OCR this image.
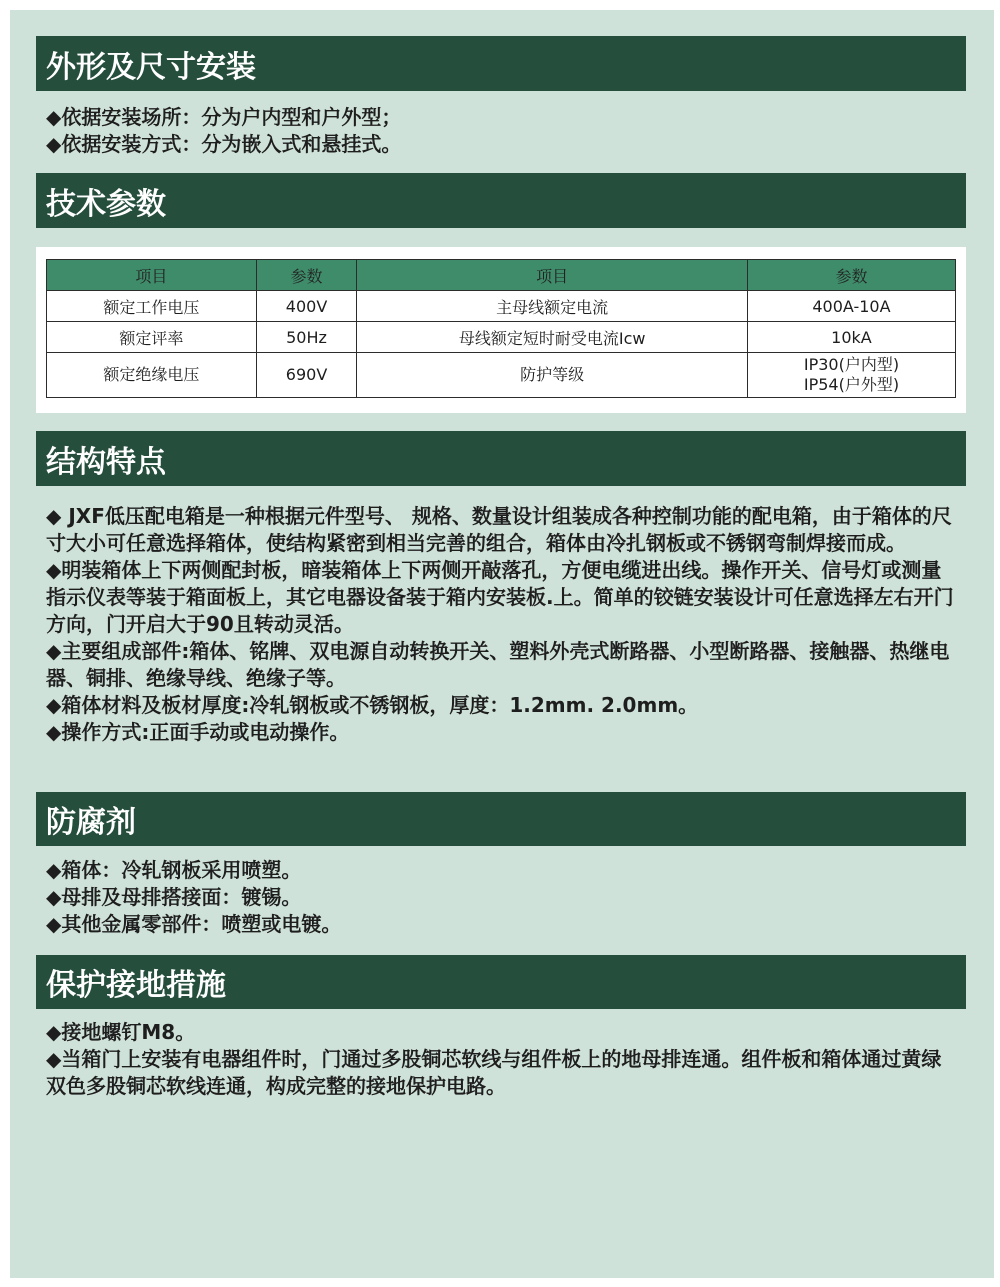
外形及尺寸安装

◆依据安装场所：分为户内型和户外型；

◆依据安装方式：分为嵌入式和悬挂式。

技术参数
项目	参数	项目	参数
额定工作电压	400V	主母线额定电流	400A-10A
额定评率	50Hz	母线额定短时耐受电流Icw	10kA
额定绝缘电压	690V	防护等级	IP30(户内型)
IP54(户外型)
结构特点

◆ JXF低压配电箱是一种根据元件型号、 规格、数量设计组装成各种控制功能的配电箱，由于箱体的尺寸大小可任意选择箱体，使结构紧密到相当完善的组合，箱体由冷扎钢板或不锈钢弯制焊接而成。

◆明装箱体上下两侧配封板，暗装箱体上下两侧开敲落孔，方便电缆进出线。操作开关、信号灯或测量指示仪表等装于箱面板上，其它电器设备装于箱内安装板.上。简单的铰链安装设计可任意选择左右开门方向，门开启大于90且转动灵活。

◆主要组成部件:箱体、铭牌、双电源自动转换开关、塑料外壳式断路器、小型断路器、接触器、热继电器、铜排、绝缘导线、绝缘子等。

◆箱体材料及板材厚度:冷轧钢板或不锈钢板，厚度：1.2mm. 2.0mm。

◆操作方式:正面手动或电动操作。

防腐剂

◆箱体：冷轧钢板采用喷塑。

◆母排及母排搭接面：镀锡。

◆其他金属零部件：喷塑或电镀。

保护接地措施

◆接地螺钉M8。

◆当箱门上安装有电器组件时，门通过多股铜芯软线与组件板上的地母排连通。组件板和箱体通过黄绿双色多股铜芯软线连通，构成完整的接地保护电路。
